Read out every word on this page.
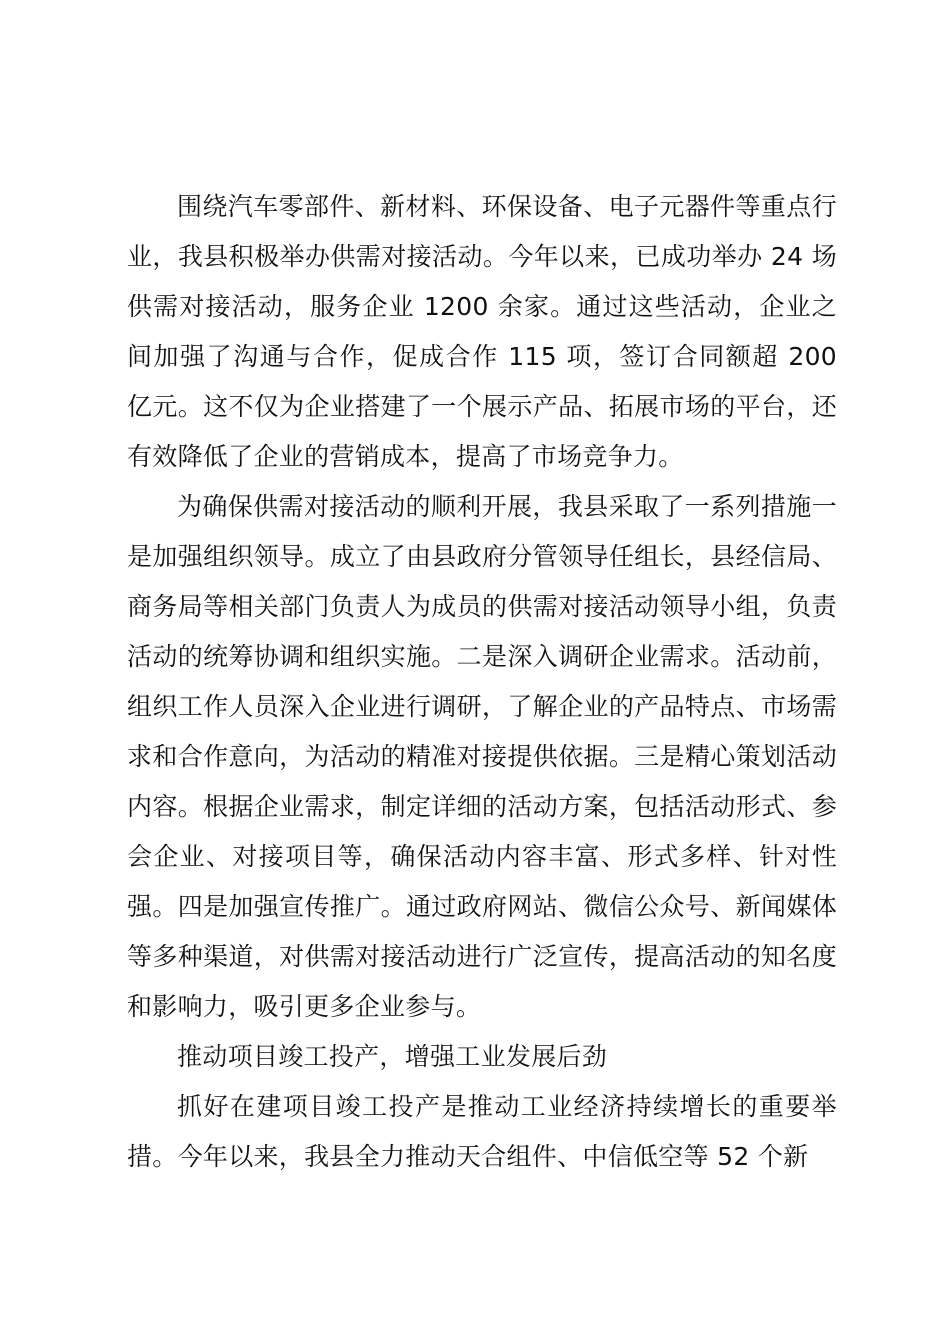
围绕汽车零部件、新材料、环保设备、电子元器件等重点行业，我县积极举办供需对接活动。今年以来，已成功举办 24 场供需对接活动，服务企业 1200 余家。通过这些活动，企业之间加强了沟通与合作，促成合作 115 项，签订合同额超 200 亿元。这不仅为企业搭建了一个展示产品、拓展市场的平台，还有效降低了企业的营销成本，提高了市场竞争力。

为确保供需对接活动的顺利开展，我县采取了一系列措施一是加强组织领导。成立了由县政府分管领导任组长，县经信局、商务局等相关部门负责人为成员的供需对接活动领导小组，负责活动的统筹协调和组织实施。二是深入调研企业需求。活动前，组织工作人员深入企业进行调研，了解企业的产品特点、市场需求和合作意向，为活动的精准对接提供依据。三是精心策划活动内容。根据企业需求，制定详细的活动方案，包括活动形式、参会企业、对接项目等，确保活动内容丰富、形式多样、针对性强。四是加强宣传推广。通过政府网站、微信公众号、新闻媒体等多种渠道，对供需对接活动进行广泛宣传，提高活动的知名度和影响力，吸引更多企业参与。

推动项目竣工投产，增强工业发展后劲

抓好在建项目竣工投产是推动工业经济持续增长的重要举措。今年以来，我县全力推动天合组件、中信低空等 52 个新
